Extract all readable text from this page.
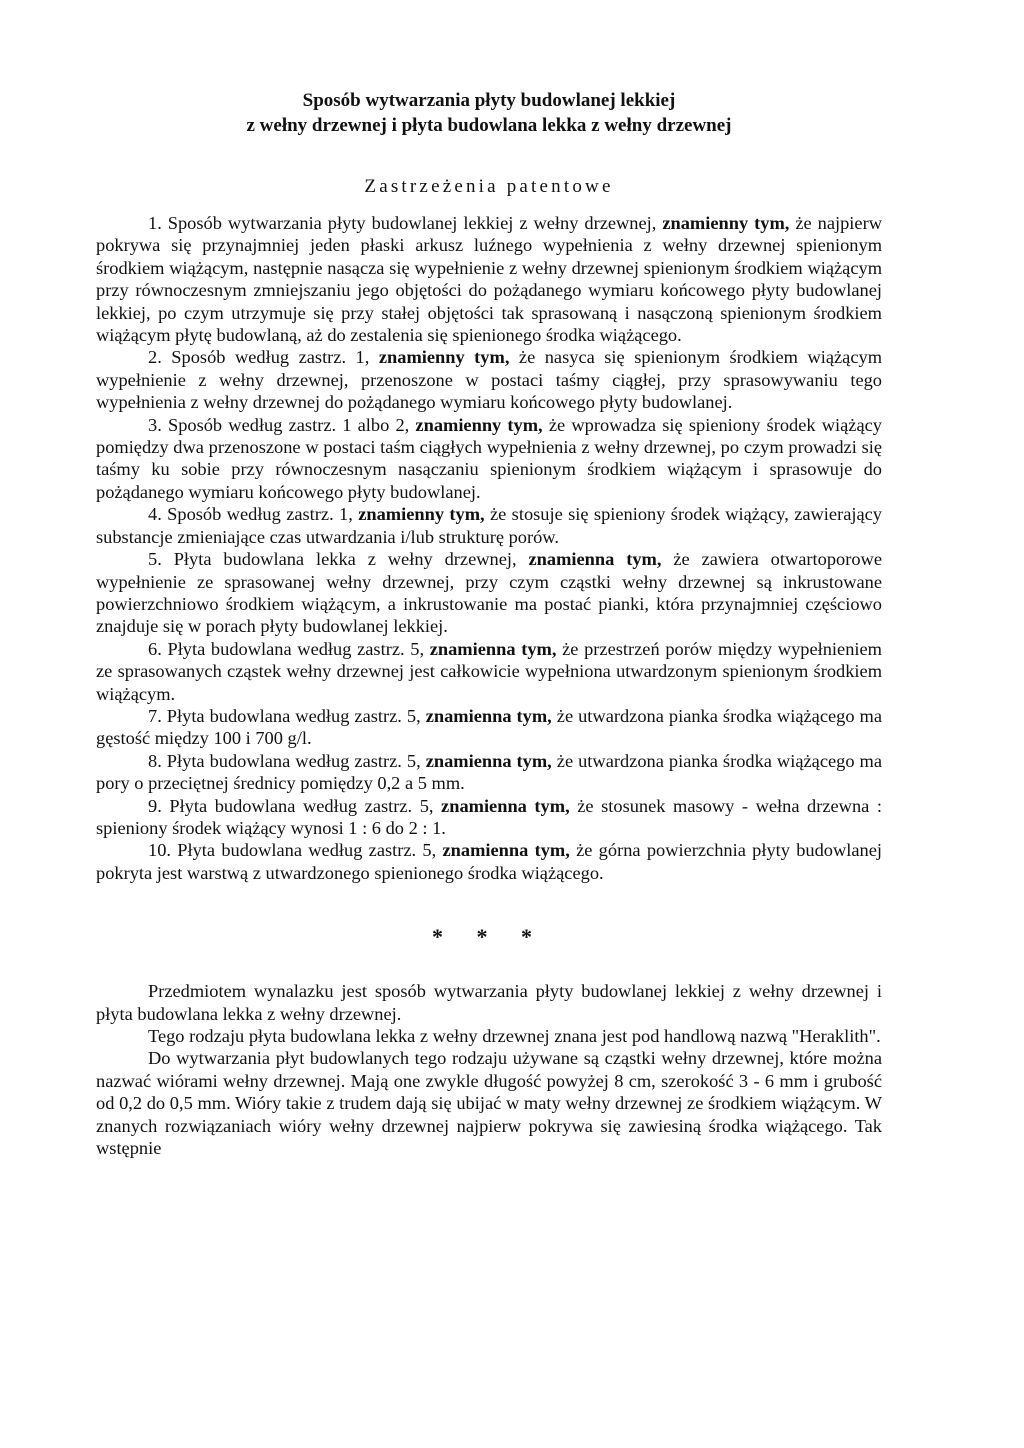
Sposób wytwarzania płyty budowlanej lekkiej
z wełny drzewnej i płyta budowlana lekka z wełny drzewnej

Zastrzeżenia patentowe

1. Sposób wytwarzania płyty budowlanej lekkiej z wełny drzewnej, znamienny tym, że najpierw pokrywa się przynajmniej jeden płaski arkusz luźnego wypełnienia z wełny drzewnej spienionym środkiem wiążącym, następnie nasącza się wypełnienie z wełny drzewnej spienionym środkiem wiążącym przy równoczesnym zmniejszaniu jego objętości do pożądanego wymiaru końcowego płyty budowlanej lekkiej, po czym utrzymuje się przy stałej objętości tak sprasowaną i nasączoną spienionym środkiem wiążącym płytę budowlaną, aż do zestalenia się spienionego środka wiążącego.

2. Sposób według zastrz. 1, znamienny tym, że nasyca się spienionym środkiem wiążącym wypełnienie z wełny drzewnej, przenoszone w postaci taśmy ciągłej, przy sprasowywaniu tego wypełnienia z wełny drzewnej do pożądanego wymiaru końcowego płyty budowlanej.

3. Sposób według zastrz. 1 albo 2, znamienny tym, że wprowadza się spieniony środek wiążący pomiędzy dwa przenoszone w postaci taśm ciągłych wypełnienia z wełny drzewnej, po czym prowadzi się taśmy ku sobie przy równoczesnym nasączaniu spienionym środkiem wiążącym i sprasowuje do pożądanego wymiaru końcowego płyty budowlanej.

4. Sposób według zastrz. 1, znamienny tym, że stosuje się spieniony środek wiążący, zawierający substancje zmieniające czas utwardzania i/lub strukturę porów.

5. Płyta budowlana lekka z wełny drzewnej, znamienna tym, że zawiera otwartoporowe wypełnienie ze sprasowanej wełny drzewnej, przy czym cząstki wełny drzewnej są inkrustowane powierzchniowo środkiem wiążącym, a inkrustowanie ma postać pianki, która przynajmniej częściowo znajduje się w porach płyty budowlanej lekkiej.

6. Płyta budowlana według zastrz. 5, znamienna tym, że przestrzeń porów między wypełnieniem ze sprasowanych cząstek wełny drzewnej jest całkowicie wypełniona utwardzonym spienionym środkiem wiążącym.

7. Płyta budowlana według zastrz. 5, znamienna tym, że utwardzona pianka środka wiążącego ma gęstość między 100 i 700 g/l.

8. Płyta budowlana według zastrz. 5, znamienna tym, że utwardzona pianka środka wiążącego ma pory o przeciętnej średnicy pomiędzy 0,2 a 5 mm.

9. Płyta budowlana według zastrz. 5, znamienna tym, że stosunek masowy - wełna drzewna : spieniony środek wiążący wynosi 1 : 6 do 2 : 1.

10. Płyta budowlana według zastrz. 5, znamienna tym, że górna powierzchnia płyty budowlanej pokryta jest warstwą z utwardzonego spienionego środka wiążącego.

* * *

Przedmiotem wynalazku jest sposób wytwarzania płyty budowlanej lekkiej z wełny drzewnej i płyta budowlana lekka z wełny drzewnej.

Tego rodzaju płyta budowlana lekka z wełny drzewnej znana jest pod handlową nazwą "Heraklith".

Do wytwarzania płyt budowlanych tego rodzaju używane są cząstki wełny drzewnej, które można nazwać wiórami wełny drzewnej. Mają one zwykle długość powyżej 8 cm, szerokość 3 - 6 mm i grubość od 0,2 do 0,5 mm. Wióry takie z trudem dają się ubijać w maty wełny drzewnej ze środkiem wiążącym. W znanych rozwiązaniach wióry wełny drzewnej najpierw pokrywa się zawiesiną środka wiążącego. Tak wstępnie
